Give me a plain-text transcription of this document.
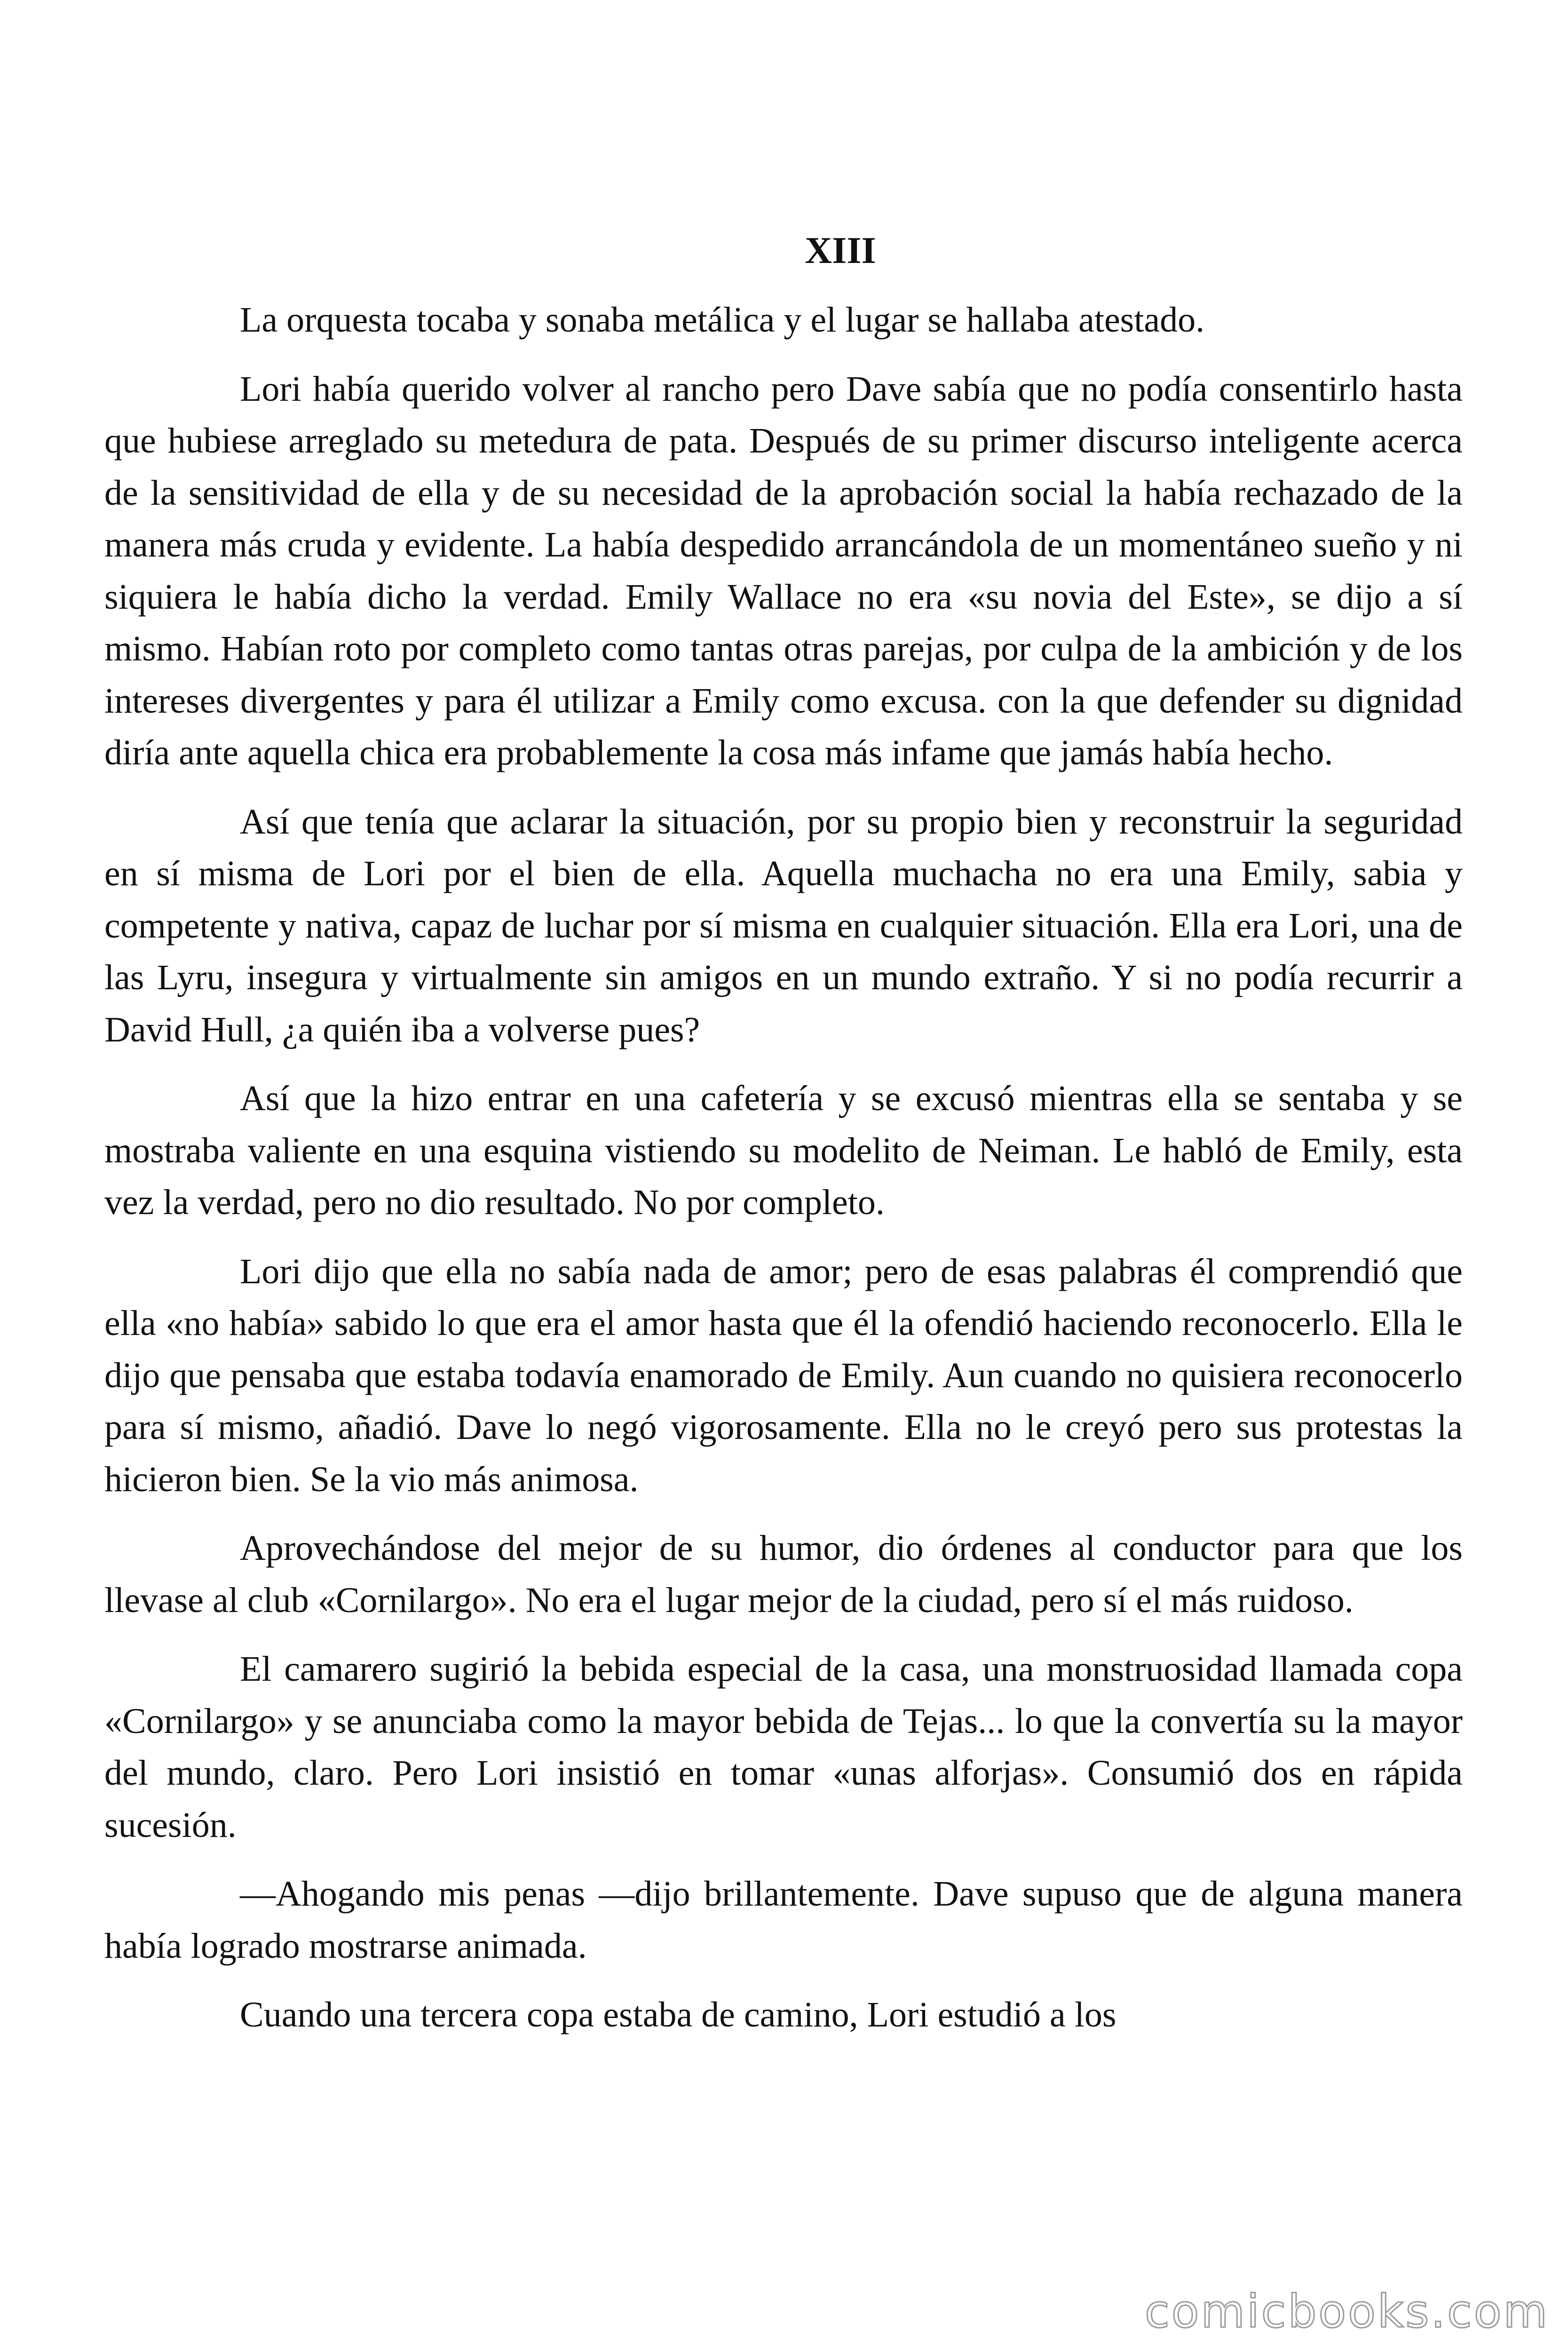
XIII

La orquesta tocaba y sonaba metálica y el lugar se hallaba atestado.

Lori había querido volver al rancho pero Dave sabía que no podía consentirlo hasta que hubiese arreglado su metedura de pata. Después de su primer discurso inteligente acerca de la sensitividad de ella y de su necesidad de la aprobación social la había rechazado de la manera más cruda y evidente. La había despedido arrancándola de un momentáneo sueño y ni siquiera le había dicho la verdad. Emily Wallace no era «su novia del Este», se dijo a sí mismo. Habían roto por completo como tantas otras parejas, por culpa de la ambición y de los intereses divergentes y para él utilizar a Emily como excusa. con la que defender su dignidad diría ante aquella chica era probablemente la cosa más infame que jamás había hecho.

Así que tenía que aclarar la situación, por su propio bien y reconstruir la seguridad en sí misma de Lori por el bien de ella. Aquella muchacha no era una Emily, sabia y competente y nativa, capaz de luchar por sí misma en cualquier situación. Ella era Lori, una de las Lyru, insegura y virtualmente sin amigos en un mundo extraño. Y si no podía recurrir a David Hull, ¿a quién iba a volverse pues?

Así que la hizo entrar en una cafetería y se excusó mientras ella se sentaba y se mostraba valiente en una esquina vistiendo su modelito de Neiman. Le habló de Emily, esta vez la verdad, pero no dio resultado. No por completo.

Lori dijo que ella no sabía nada de amor; pero de esas palabras él comprendió que ella «no había» sabido lo que era el amor hasta que él la ofendió haciendo reconocerlo. Ella le dijo que pensaba que estaba todavía enamorado de Emily. Aun cuando no quisiera reconocerlo para sí mismo, añadió. Dave lo negó vigorosamente. Ella no le creyó pero sus protestas la hicieron bien. Se la vio más animosa.

Aprovechándose del mejor de su humor, dio órdenes al conductor para que los llevase al club «Cornilargo». No era el lugar mejor de la ciudad, pero sí el más ruidoso.

El camarero sugirió la bebida especial de la casa, una monstruosidad llamada copa «Cornilargo» y se anunciaba como la mayor bebida de Tejas... lo que la convertía su la mayor del mundo, claro. Pero Lori insistió en tomar «unas alforjas». Consumió dos en rápida sucesión.

—Ahogando mis penas —dijo brillantemente. Dave supuso que de alguna manera había logrado mostrarse animada.

Cuando una tercera copa estaba de camino, Lori estudió a los

comicbooks.com
